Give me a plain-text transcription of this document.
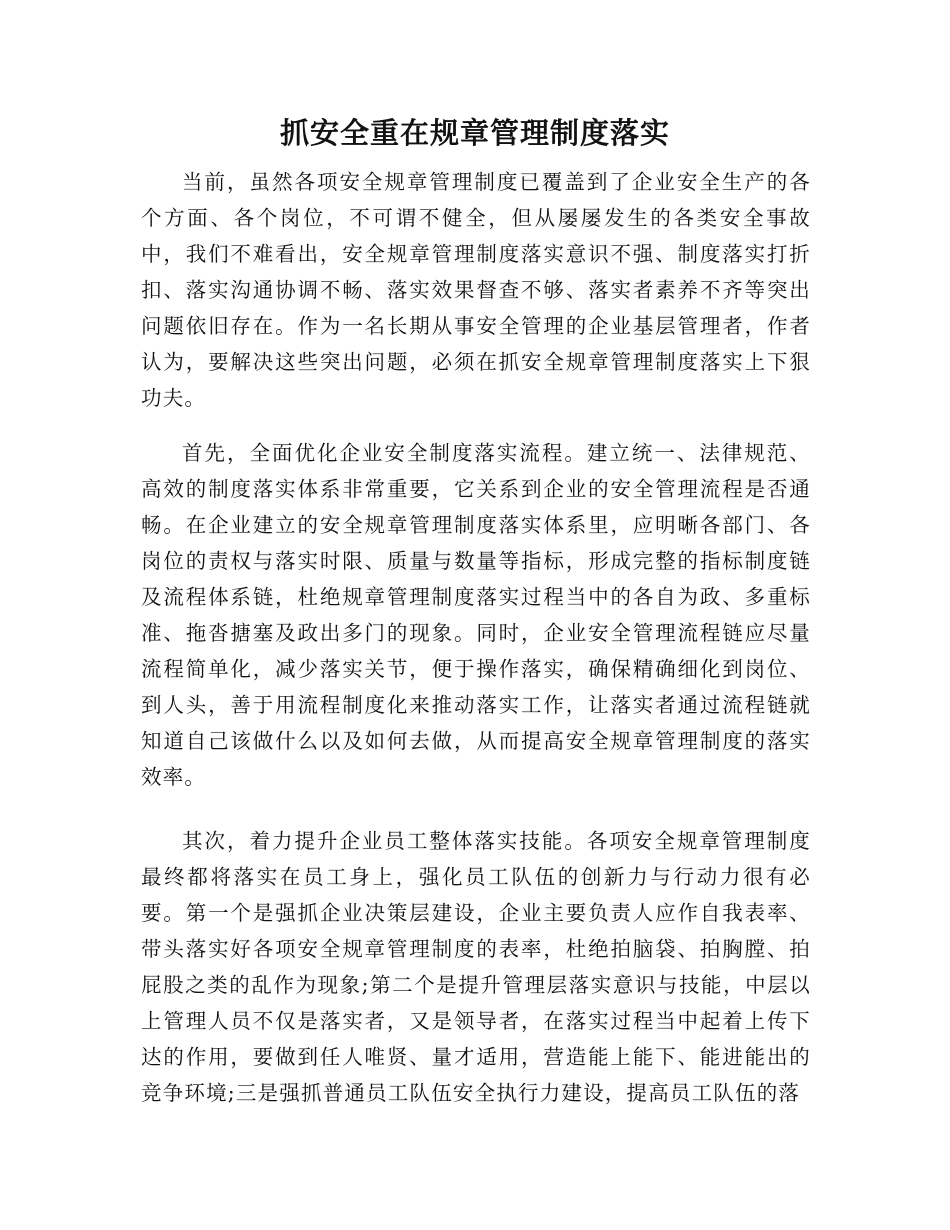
抓安全重在规章管理制度落实

当前，虽然各项安全规章管理制度已覆盖到了企业安全生产的各个方面、各个岗位，不可谓不健全，但从屡屡发生的各类安全事故中，我们不难看出，安全规章管理制度落实意识不强、制度落实打折扣、落实沟通协调不畅、落实效果督查不够、落实者素养不齐等突出问题依旧存在。作为一名长期从事安全管理的企业基层管理者，作者认为，要解决这些突出问题，必须在抓安全规章管理制度落实上下狠功夫。

首先，全面优化企业安全制度落实流程。建立统一、法律规范、高效的制度落实体系非常重要，它关系到企业的安全管理流程是否通畅。在企业建立的安全规章管理制度落实体系里，应明晰各部门、各岗位的责权与落实时限、质量与数量等指标，形成完整的指标制度链及流程体系链，杜绝规章管理制度落实过程当中的各自为政、多重标准、拖沓搪塞及政出多门的现象。同时，企业安全管理流程链应尽量流程简单化，减少落实关节，便于操作落实，确保精确细化到岗位、到人头，善于用流程制度化来推动落实工作，让落实者通过流程链就知道自己该做什么以及如何去做，从而提高安全规章管理制度的落实效率。

其次，着力提升企业员工整体落实技能。各项安全规章管理制度最终都将落实在员工身上，强化员工队伍的创新力与行动力很有必要。第一个是强抓企业决策层建设，企业主要负责人应作自我表率、带头落实好各项安全规章管理制度的表率，杜绝拍脑袋、拍胸膛、拍屁股之类的乱作为现象;第二个是提升管理层落实意识与技能，中层以上管理人员不仅是落实者，又是领导者，在落实过程当中起着上传下达的作用，要做到任人唯贤、量才适用，营造能上能下、能进能出的竞争环境;三是强抓普通员工队伍安全执行力建设，提高员工队伍的落
